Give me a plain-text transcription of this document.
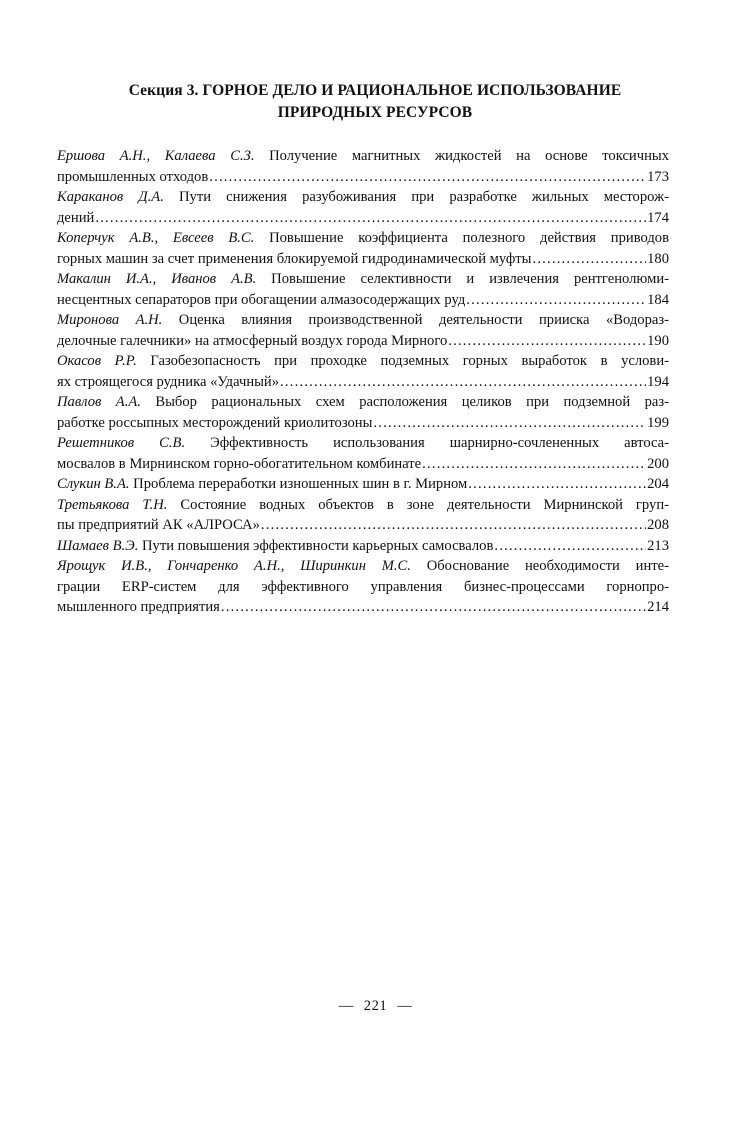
Секция 3. ГОРНОЕ ДЕЛО И РАЦИОНАЛЬНОЕ ИСПОЛЬЗОВАНИЕ
ПРИРОДНЫХ РЕСУРСОВ

Ершова А.Н., Калаева С.З. Получение магнитных жидкостей на основе токсичных
промышленных отходов .....	173

Караканов Д.А. Пути снижения разубоживания при разработке жильных месторож-
дений .....	174

Коперчук А.В., Евсеев В.С. Повышение коэффициента полезного действия приводов
горных машин за счет применения блокируемой гидродинамической муфты .....	180

Макалин И.А., Иванов А.В. Повышение селективности и извлечения рентгенолюми-
несцентных сепараторов при обогащении алмазосодержащих руд .....	184

Миронова А.Н. Оценка влияния производственной деятельности прииска «Водораз-
делочные галечники» на атмосферный воздух города Мирного .....	190

Окасов Р.Р. Газобезопасность при проходке подземных горных выработок в услови-
ях строящегося рудника «Удачный» .....	194

Павлов А.А. Выбор рациональных схем расположения целиков при подземной раз-
работке россыпных месторождений криолитозоны .....	199

Решетников С.В. Эффективность использования шарнирно-сочлененных автоса-
мосвалов в Мирнинском горно-обогатительном комбинате .....	200

Слукин В.А. Проблема переработки изношенных шин в г. Мирном .....	204

Третьякова Т.Н. Состояние водных объектов в зоне деятельности Мирнинской груп-
пы предприятий АК «АЛРОСА» .....	208

Шамаев В.Э. Пути повышения эффективности карьерных самосвалов .....	213

Ярощук И.В., Гончаренко А.Н., Ширинкин М.С. Обоснование необходимости инте-
грации ERP-систем для эффективного управления бизнес-процессами горнопро-
мышленного предприятия .....	214

— 221 —
